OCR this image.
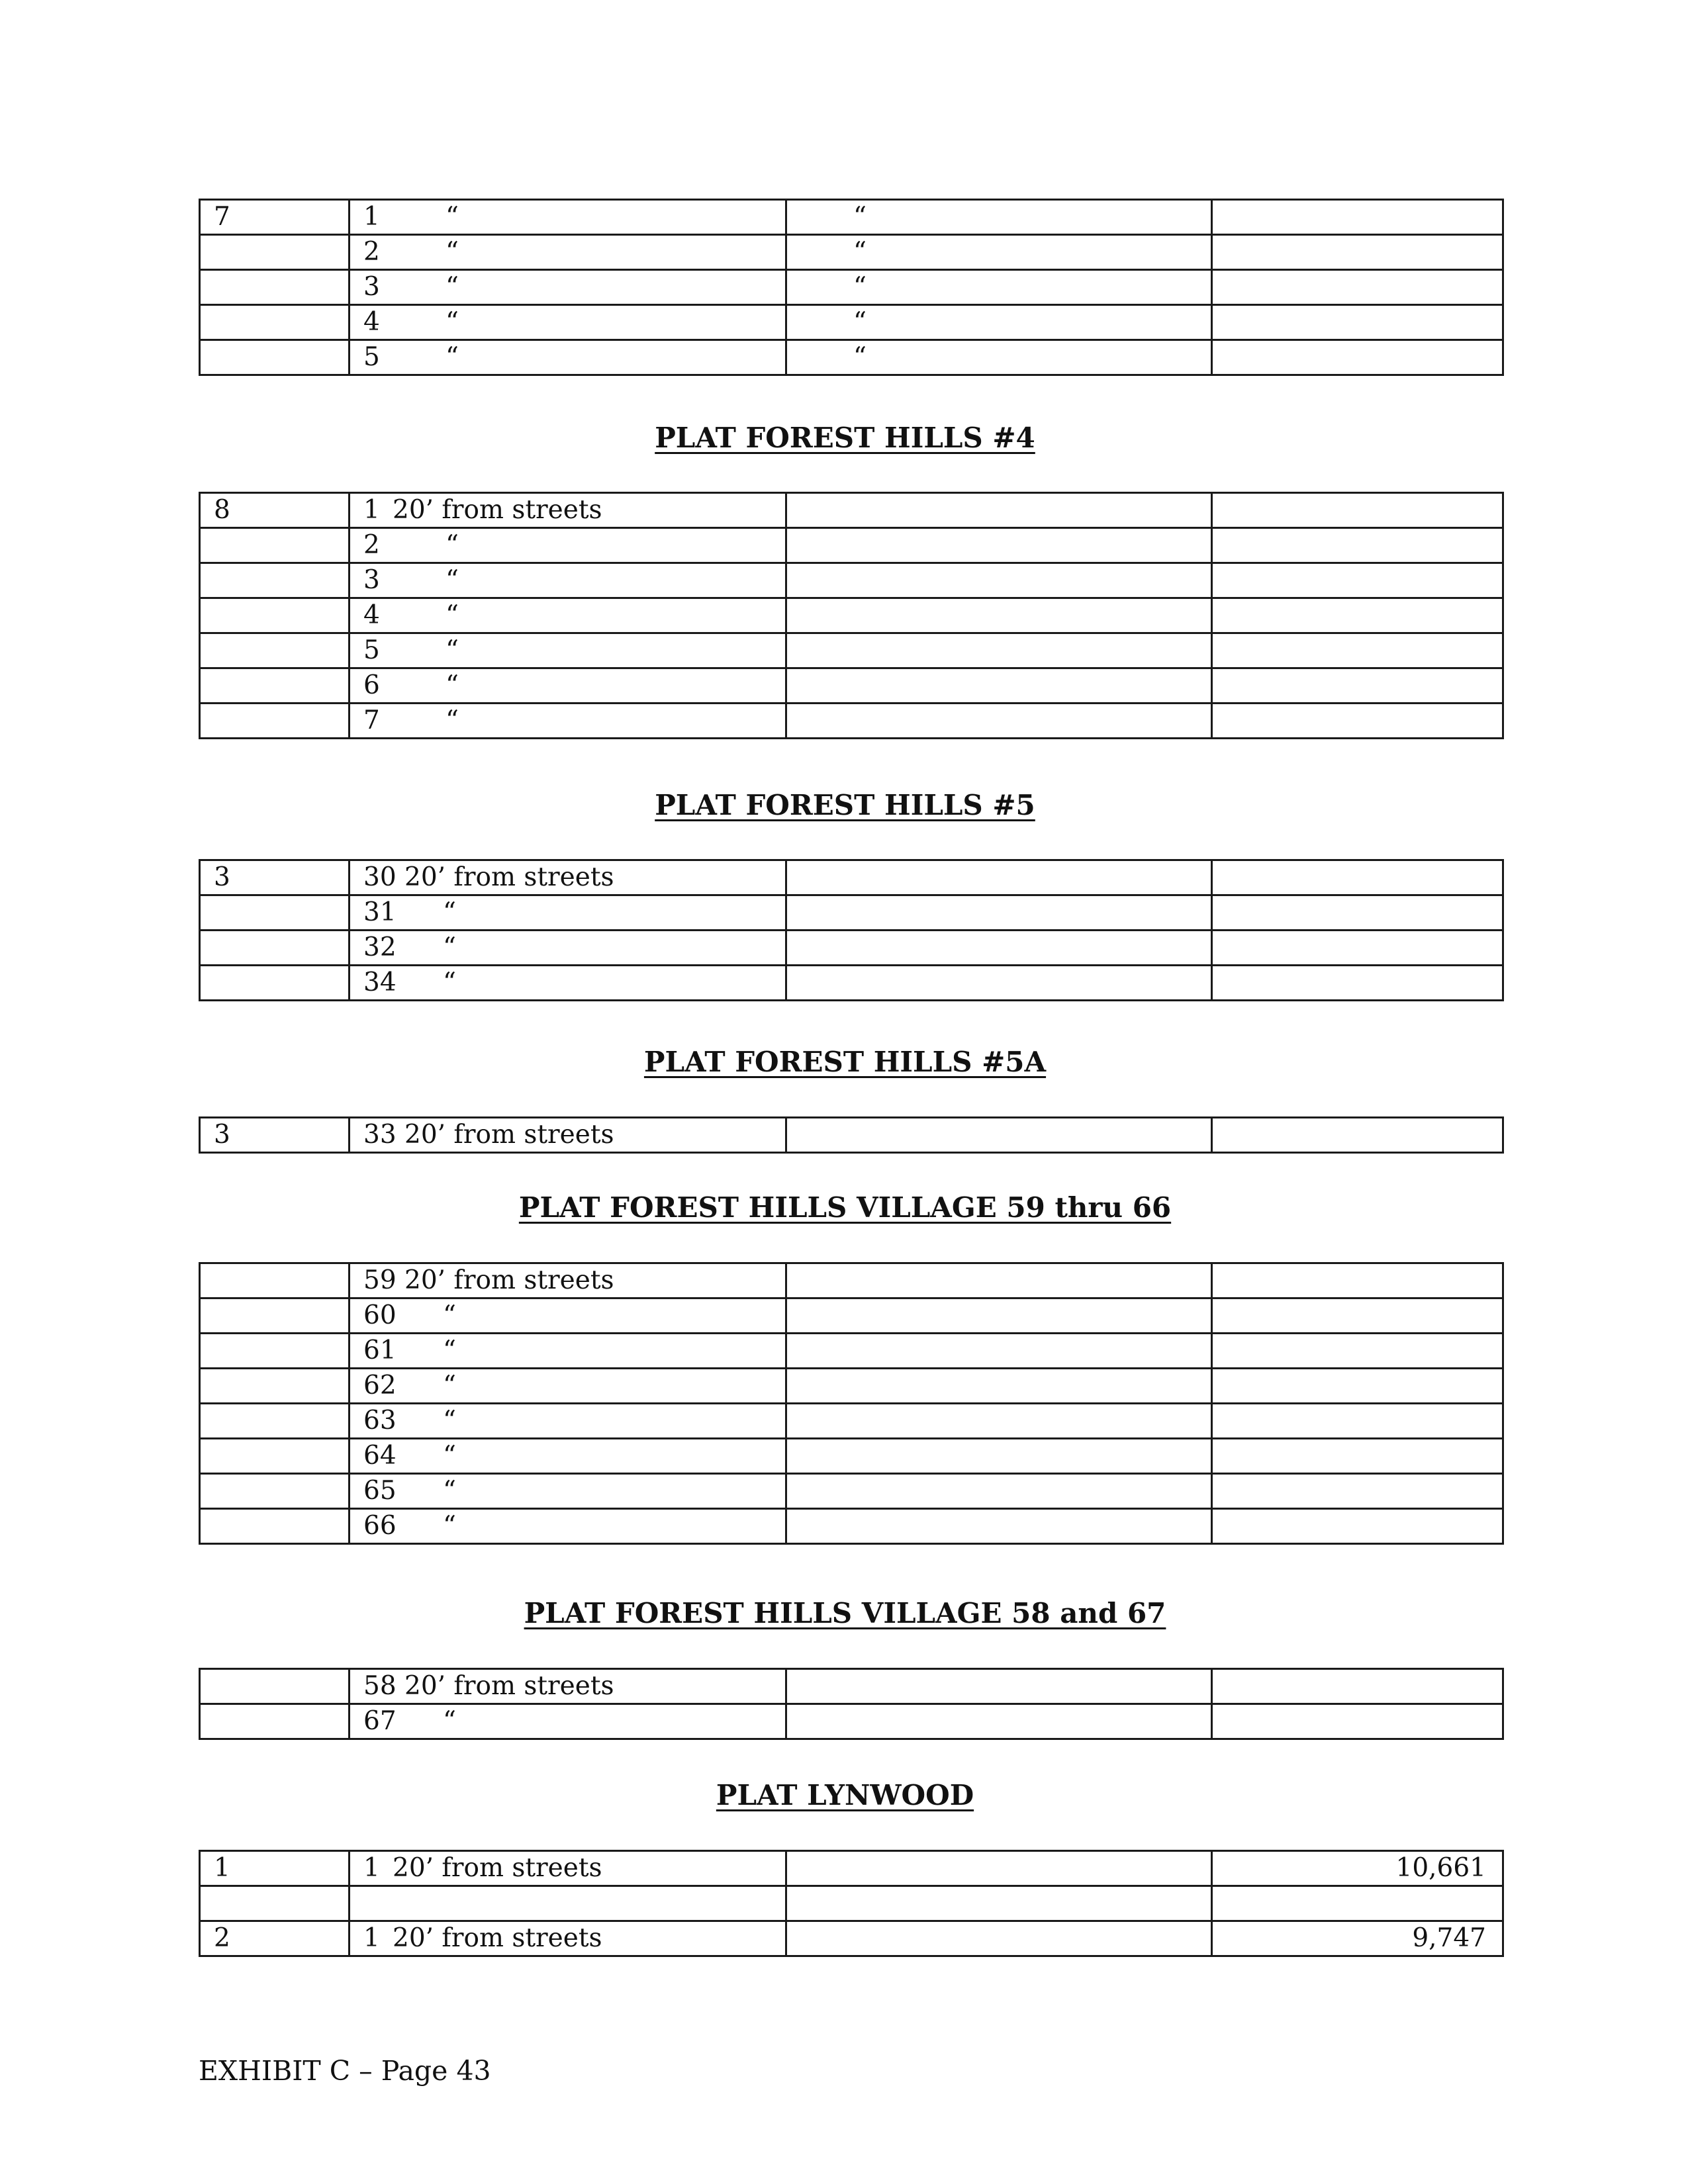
7	1 “	“	
	2 “	“	
	3 “	“	
	4 “	“	
	5 “	“	
PLAT FOREST HILLS #4
8	1 20’ from streets		
	2 “		
	3 “		
	4 “		
	5 “		
	6 “		
	7 “		
PLAT FOREST HILLS #5
3	30 20’ from streets		
	31 “		
	32 “		
	34 “		
PLAT FOREST HILLS #5A
3	33 20’ from streets		
PLAT FOREST HILLS VILLAGE 59 thru 66
	59 20’ from streets		
	60 “		
	61 “		
	62 “		
	63 “		
	64 “		
	65 “		
	66 “		
PLAT FOREST HILLS VILLAGE 58 and 67
	58 20’ from streets		
	67 “		
PLAT LYNWOOD
1	1 20’ from streets		10,661

2	1 20’ from streets		9,747

EXHIBIT C – Page 43
